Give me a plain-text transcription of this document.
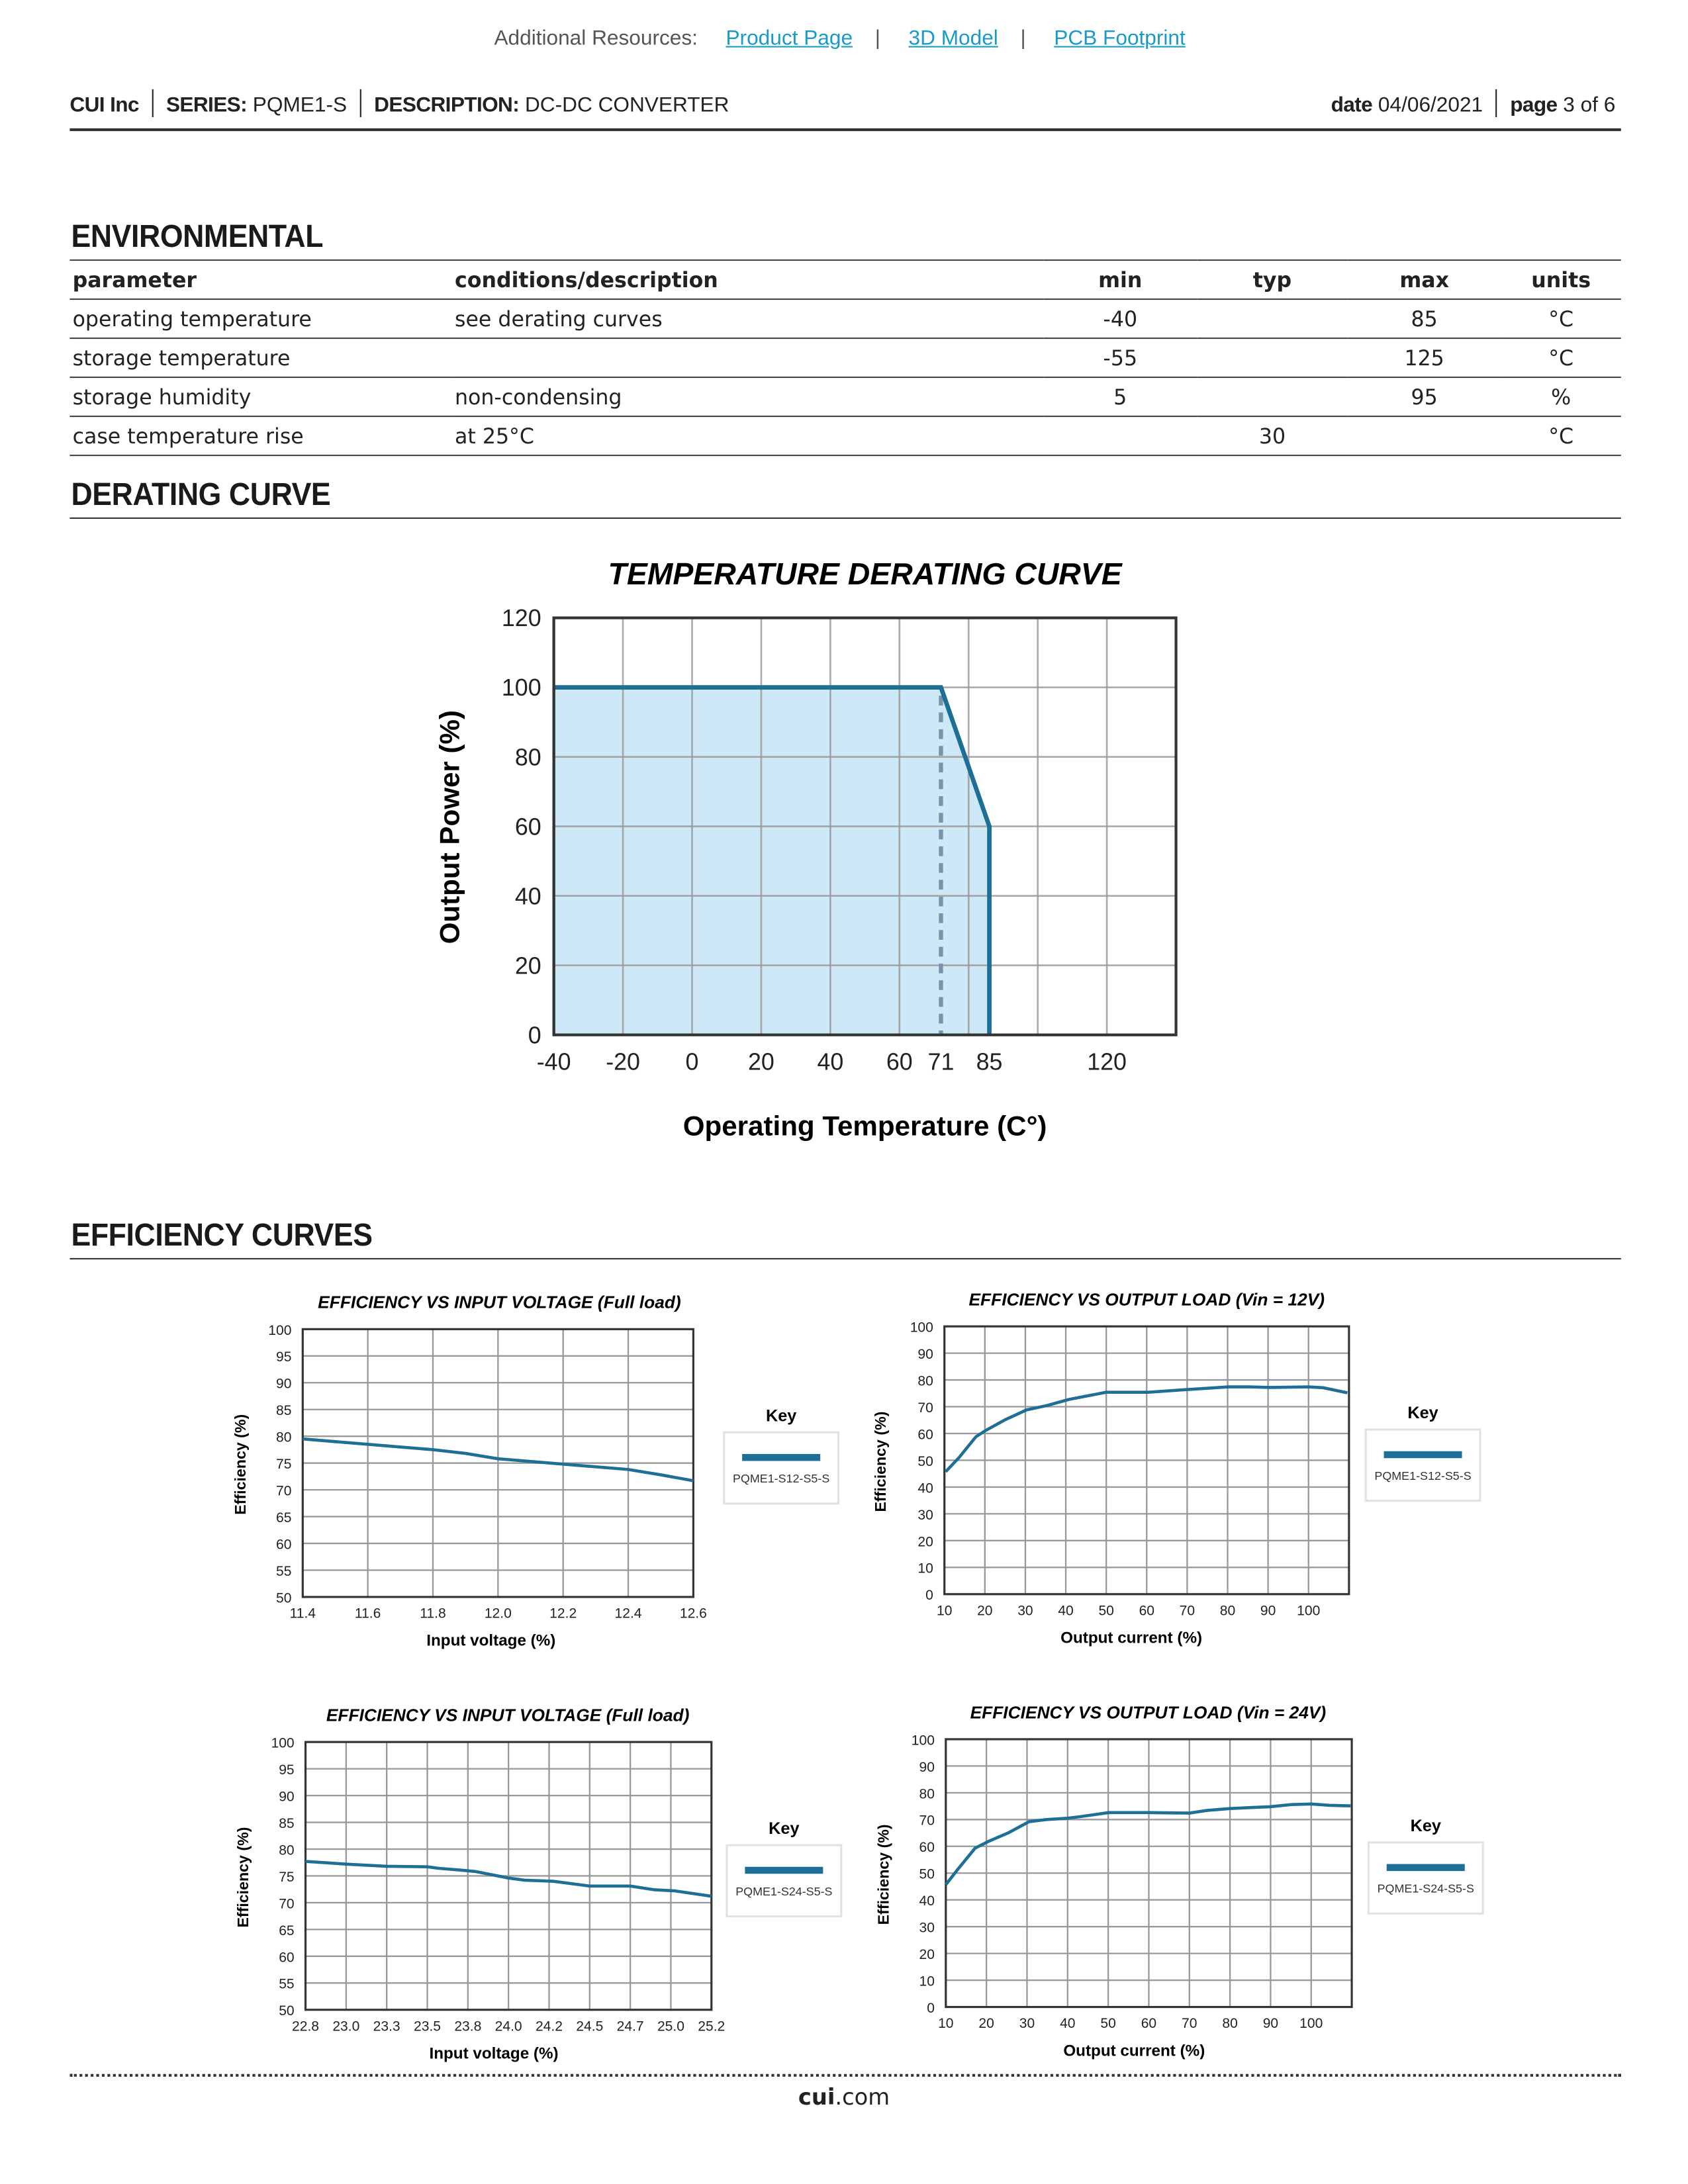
Additional Resources:	Product Page |	3D Model |	PCB Footprint
CUI Inc	SERIES: PQME1-S	DESCRIPTION: DC-DC CONVERTER	date 04/06/2021	page 3 of 6
ENVIRONMENTAL
parameter	conditions/description	min	typ	max	units
operating temperature	see derating curves	-40		85	°C
storage temperature		-55		125	°C
storage humidity	non-condensing	5		95	%
case temperature rise	at 25°C		30		°C
DERATING CURVE
EFFICIENCY CURVES
TEMPERATURE DERATING CURVE
0
20
40
60
80
100
120
-40	-20	0	20	40	60 71 85	120
Operating Temperature (C°)
Output Power (%)
EFFICIENCY VS INPUT VOLTAGE (Full load)
11.4	11.6	11.8	12.0	12.2	12.4	12.6
50
55
60
65
70
75
80
85
90
95
100
Key
PQME1-S12-S5-S
Input voltage (%)
Efficiency (%)
EFFICIENCY VS OUTPUT LOAD (Vin = 12V)
10	20	30	40	50	60	70	80	90	100
0
10
20
30
40
50
60
70
80
90
100
Key
PQME1-S12-S5-S
Output current (%)
Efficiency (%)
EFFICIENCY VS INPUT VOLTAGE (Full load)
22.8 23.0 23.3 23.5 23.8 24.0 24.2 24.5 24.7 25.0 25.2
50
55
60
65
70
75
80
85
90
95
100
Key
PQME1-S24-S5-S
Input voltage (%)
Efficiency (%)
EFFICIENCY VS OUTPUT LOAD (Vin = 24V)
10	20	30	40	50	60	70	80	90	100
0
10
20
30
40
50
60
70
80
90
100
Key
PQME1-S24-S5-S
Output current (%)
Efficiency (%)
cui.com
